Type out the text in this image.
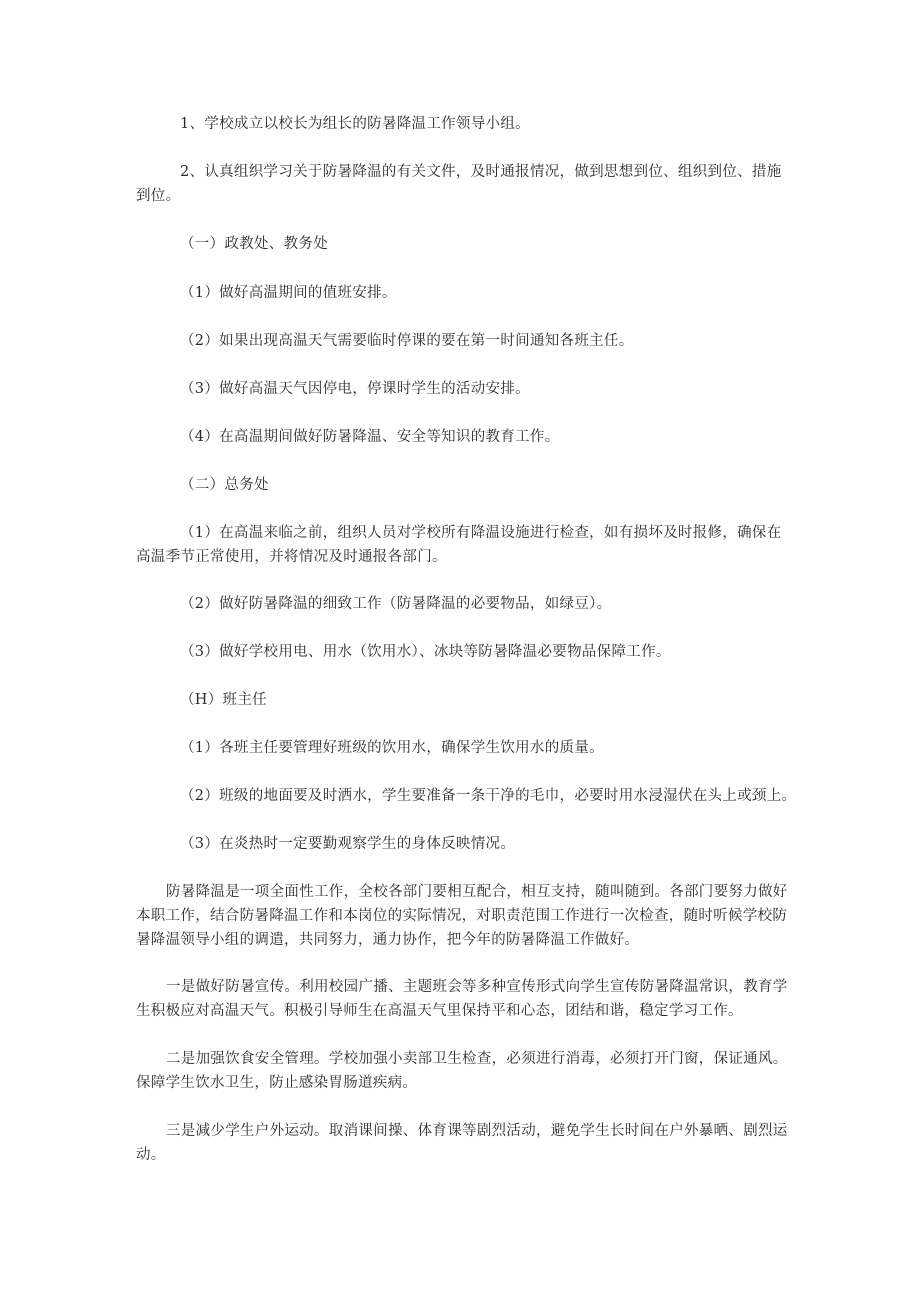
1、学校成立以校长为组长的防暑降温工作领导小组。

2、认真组织学习关于防暑降温的有关文件，及时通报情况，做到思想到位、组织到位、措施到位。

（一）政教处、教务处

（1）做好高温期间的值班安排。

（2）如果出现高温天气需要临时停课的要在第一时间通知各班主任。

（3）做好高温天气因停电，停课时学生的活动安排。

（4）在高温期间做好防暑降温、安全等知识的教育工作。

（二）总务处

（1）在高温来临之前，组织人员对学校所有降温设施进行检查，如有损坏及时报修，确保在高温季节正常使用，并将情况及时通报各部门。

（2）做好防暑降温的细致工作（防暑降温的必要物品，如绿豆）。

（3）做好学校用电、用水（饮用水）、冰块等防暑降温必要物品保障工作。

（H）班主任

（1）各班主任要管理好班级的饮用水，确保学生饮用水的质量。

（2）班级的地面要及时洒水，学生要准备一条干净的毛巾，必要时用水浸湿伏在头上或颈上。

（3）在炎热时一定要勤观察学生的身体反映情况。

防暑降温是一项全面性工作，全校各部门要相互配合，相互支持，随叫随到。各部门要努力做好本职工作，结合防暑降温工作和本岗位的实际情况，对职责范围工作进行一次检查，随时听候学校防暑降温领导小组的调遣，共同努力，通力协作，把今年的防暑降温工作做好。

一是做好防暑宣传。利用校园广播、主题班会等多种宣传形式向学生宣传防暑降温常识，教育学生积极应对高温天气。积极引导师生在高温天气里保持平和心态，团结和谐，稳定学习工作。

二是加强饮食安全管理。学校加强小卖部卫生检查，必须进行消毒，必须打开门窗，保证通风。保障学生饮水卫生，防止感染胃肠道疾病。

三是减少学生户外运动。取消课间操、体育课等剧烈活动，避免学生长时间在户外暴晒、剧烈运动。
